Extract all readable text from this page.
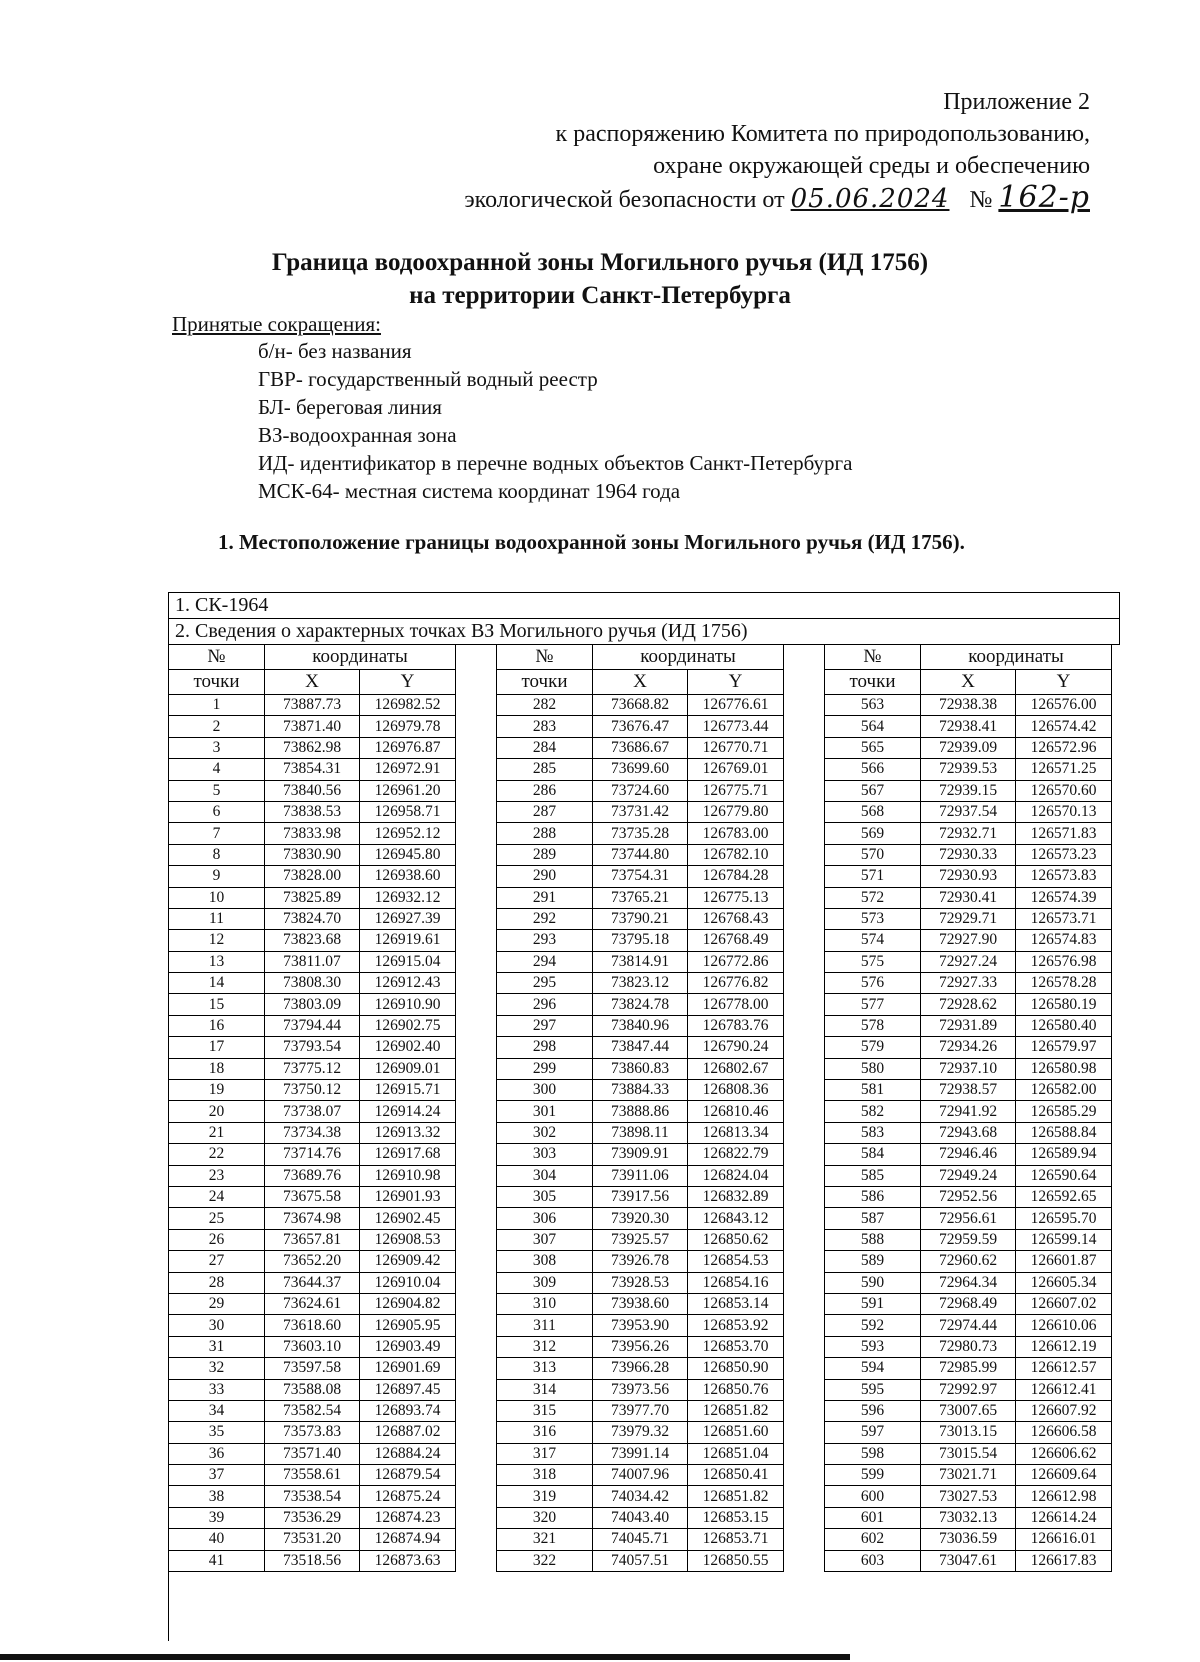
Приложение 2
к распоряжению Комитета по природопользованию,
охране окружающей среды и обеспечению
экологической безопасности от 05.06.2024 № 162-р
Граница водоохранной зоны Могильного ручья (ИД 1756)
на территории Санкт-Петербурга
Принятые сокращения:
б/н- без названия
ГВР- государственный водный реестр
БЛ- береговая линия
ВЗ-водоохранная зона
ИД- идентификатор в перечне водных объектов Санкт-Петербурга
МСК-64- местная система координат 1964 года
1. Местоположение границы водоохранной зоны Могильного ручья (ИД 1756).
1. СК-1964
2. Сведения о характерных точках ВЗ Могильного ручья (ИД 1756)
№	координаты	
точки	X	Y
1	73887.73	126982.52
2	73871.40	126979.78
3	73862.98	126976.87
4	73854.31	126972.91
5	73840.56	126961.20
6	73838.53	126958.71
7	73833.98	126952.12
8	73830.90	126945.80
9	73828.00	126938.60
10	73825.89	126932.12
11	73824.70	126927.39
12	73823.68	126919.61
13	73811.07	126915.04
14	73808.30	126912.43
15	73803.09	126910.90
16	73794.44	126902.75
17	73793.54	126902.40
18	73775.12	126909.01
19	73750.12	126915.71
20	73738.07	126914.24
21	73734.38	126913.32
22	73714.76	126917.68
23	73689.76	126910.98
24	73675.58	126901.93
25	73674.98	126902.45
26	73657.81	126908.53
27	73652.20	126909.42
28	73644.37	126910.04
29	73624.61	126904.82
30	73618.60	126905.95
31	73603.10	126903.49
32	73597.58	126901.69
33	73588.08	126897.45
34	73582.54	126893.74
35	73573.83	126887.02
36	73571.40	126884.24
37	73558.61	126879.54
38	73538.54	126875.24
39	73536.29	126874.23
40	73531.20	126874.94
41	73518.56	126873.63
№	координаты	
точки	X	Y
282	73668.82	126776.61
283	73676.47	126773.44
284	73686.67	126770.71
285	73699.60	126769.01
286	73724.60	126775.71
287	73731.42	126779.80
288	73735.28	126783.00
289	73744.80	126782.10
290	73754.31	126784.28
291	73765.21	126775.13
292	73790.21	126768.43
293	73795.18	126768.49
294	73814.91	126772.86
295	73823.12	126776.82
296	73824.78	126778.00
297	73840.96	126783.76
298	73847.44	126790.24
299	73860.83	126802.67
300	73884.33	126808.36
301	73888.86	126810.46
302	73898.11	126813.34
303	73909.91	126822.79
304	73911.06	126824.04
305	73917.56	126832.89
306	73920.30	126843.12
307	73925.57	126850.62
308	73926.78	126854.53
309	73928.53	126854.16
310	73938.60	126853.14
311	73953.90	126853.92
312	73956.26	126853.70
313	73966.28	126850.90
314	73973.56	126850.76
315	73977.70	126851.82
316	73979.32	126851.60
317	73991.14	126851.04
318	74007.96	126850.41
319	74034.42	126851.82
320	74043.40	126853.15
321	74045.71	126853.71
322	74057.51	126850.55
№	координаты	
точки	X	Y
563	72938.38	126576.00
564	72938.41	126574.42
565	72939.09	126572.96
566	72939.53	126571.25
567	72939.15	126570.60
568	72937.54	126570.13
569	72932.71	126571.83
570	72930.33	126573.23
571	72930.93	126573.83
572	72930.41	126574.39
573	72929.71	126573.71
574	72927.90	126574.83
575	72927.24	126576.98
576	72927.33	126578.28
577	72928.62	126580.19
578	72931.89	126580.40
579	72934.26	126579.97
580	72937.10	126580.98
581	72938.57	126582.00
582	72941.92	126585.29
583	72943.68	126588.84
584	72946.46	126589.94
585	72949.24	126590.64
586	72952.56	126592.65
587	72956.61	126595.70
588	72959.59	126599.14
589	72960.62	126601.87
590	72964.34	126605.34
591	72968.49	126607.02
592	72974.44	126610.06
593	72980.73	126612.19
594	72985.99	126612.57
595	72992.97	126612.41
596	73007.65	126607.92
597	73013.15	126606.58
598	73015.54	126606.62
599	73021.71	126609.64
600	73027.53	126612.98
601	73032.13	126614.24
602	73036.59	126616.01
603	73047.61	126617.83
